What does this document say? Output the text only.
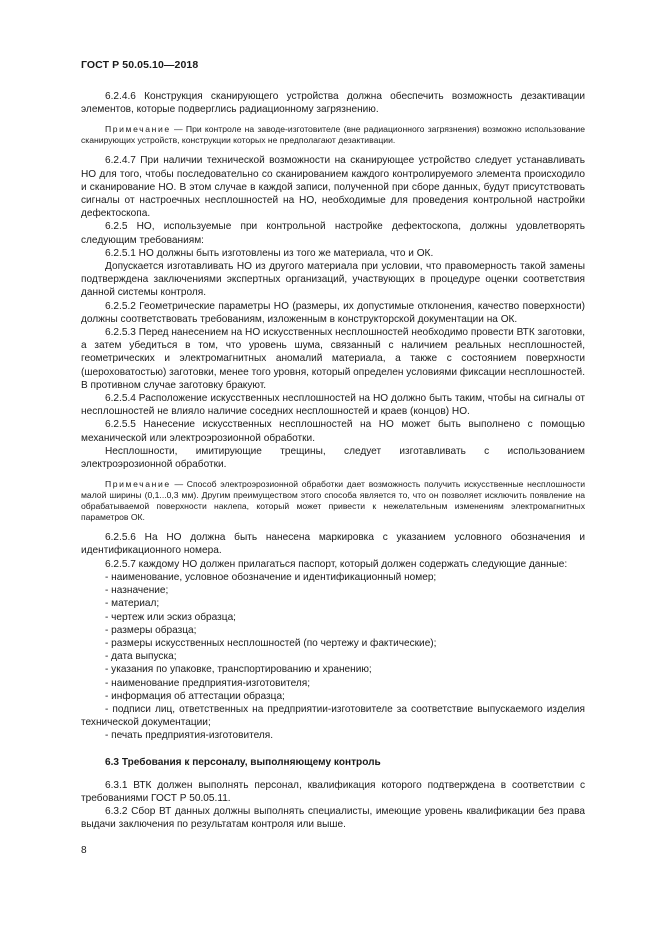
ГОСТ Р 50.05.10—2018

6.2.4.6 Конструкция сканирующего устройства должна обеспечить возможность дезактивации элементов, которые подверглись радиационному загрязнению.

Примечание — При контроле на заводе-изготовителе (вне радиационного загрязнения) возможно использование сканирующих устройств, конструкции которых не предполагают дезактивации.

6.2.4.7 При наличии технической возможности на сканирующее устройство следует устанавливать НО для того, чтобы последовательно со сканированием каждого контролируемого элемента происходило и сканирование НО. В этом случае в каждой записи, полученной при сборе данных, будут присутствовать сигналы от настроечных несплошностей на НО, необходимые для проведения контрольной настройки дефектоскопа.

6.2.5 НО, используемые при контрольной настройке дефектоскопа, должны удовлетворять следующим требованиям:

6.2.5.1 НО должны быть изготовлены из того же материала, что и ОК.

Допускается изготавливать НО из другого материала при условии, что правомерность такой замены подтверждена заключениями экспертных организаций, участвующих в процедуре оценки соответствия данной системы контроля.

6.2.5.2 Геометрические параметры НО (размеры, их допустимые отклонения, качество поверхности) должны соответствовать требованиям, изложенным в конструкторской документации на ОК.

6.2.5.3 Перед нанесением на НО искусственных несплошностей необходимо провести ВТК заготовки, а затем убедиться в том, что уровень шума, связанный с наличием реальных несплошностей, геометрических и электромагнитных аномалий материала, а также с состоянием поверхности (шероховатостью) заготовки, менее того уровня, который определен условиями фиксации несплошностей. В противном случае заготовку бракуют.

6.2.5.4 Расположение искусственных несплошностей на НО должно быть таким, чтобы на сигналы от несплошностей не влияло наличие соседних несплошностей и краев (концов) НО.

6.2.5.5 Нанесение искусственных несплошностей на НО может быть выполнено с помощью механической или электроэрозионной обработки.

Несплошности, имитирующие трещины, следует изготавливать с использованием электроэрозионной обработки.

Примечание — Способ электроэрозионной обработки дает возможность получить искусственные несплошности малой ширины (0,1...0,3 мм). Другим преимуществом этого способа является то, что он позволяет исключить появление на обрабатываемой поверхности наклепа, который может привести к нежелательным изменениям электромагнитных параметров ОК.

6.2.5.6 На НО должна быть нанесена маркировка с указанием условного обозначения и идентификационного номера.

6.2.5.7 каждому НО должен прилагаться паспорт, который должен содержать следующие данные:

- наименование, условное обозначение и идентификационный номер;

- назначение;

- материал;

- чертеж или эскиз образца;

- размеры образца;

- размеры искусственных несплошностей (по чертежу и фактические);

- дата выпуска;

- указания по упаковке, транспортированию и хранению;

- наименование предприятия-изготовителя;

- информация об аттестации образца;

- подписи лиц, ответственных на предприятии-изготовителе за соответствие выпускаемого изделия технической документации;

- печать предприятия-изготовителя.

6.3 Требования к персоналу, выполняющему контроль

6.3.1 ВТК должен выполнять персонал, квалификация которого подтверждена в соответствии с требованиями ГОСТ Р 50.05.11.

6.3.2 Сбор ВТ данных должны выполнять специалисты, имеющие уровень квалификации без права выдачи заключения по результатам контроля или выше.

8
